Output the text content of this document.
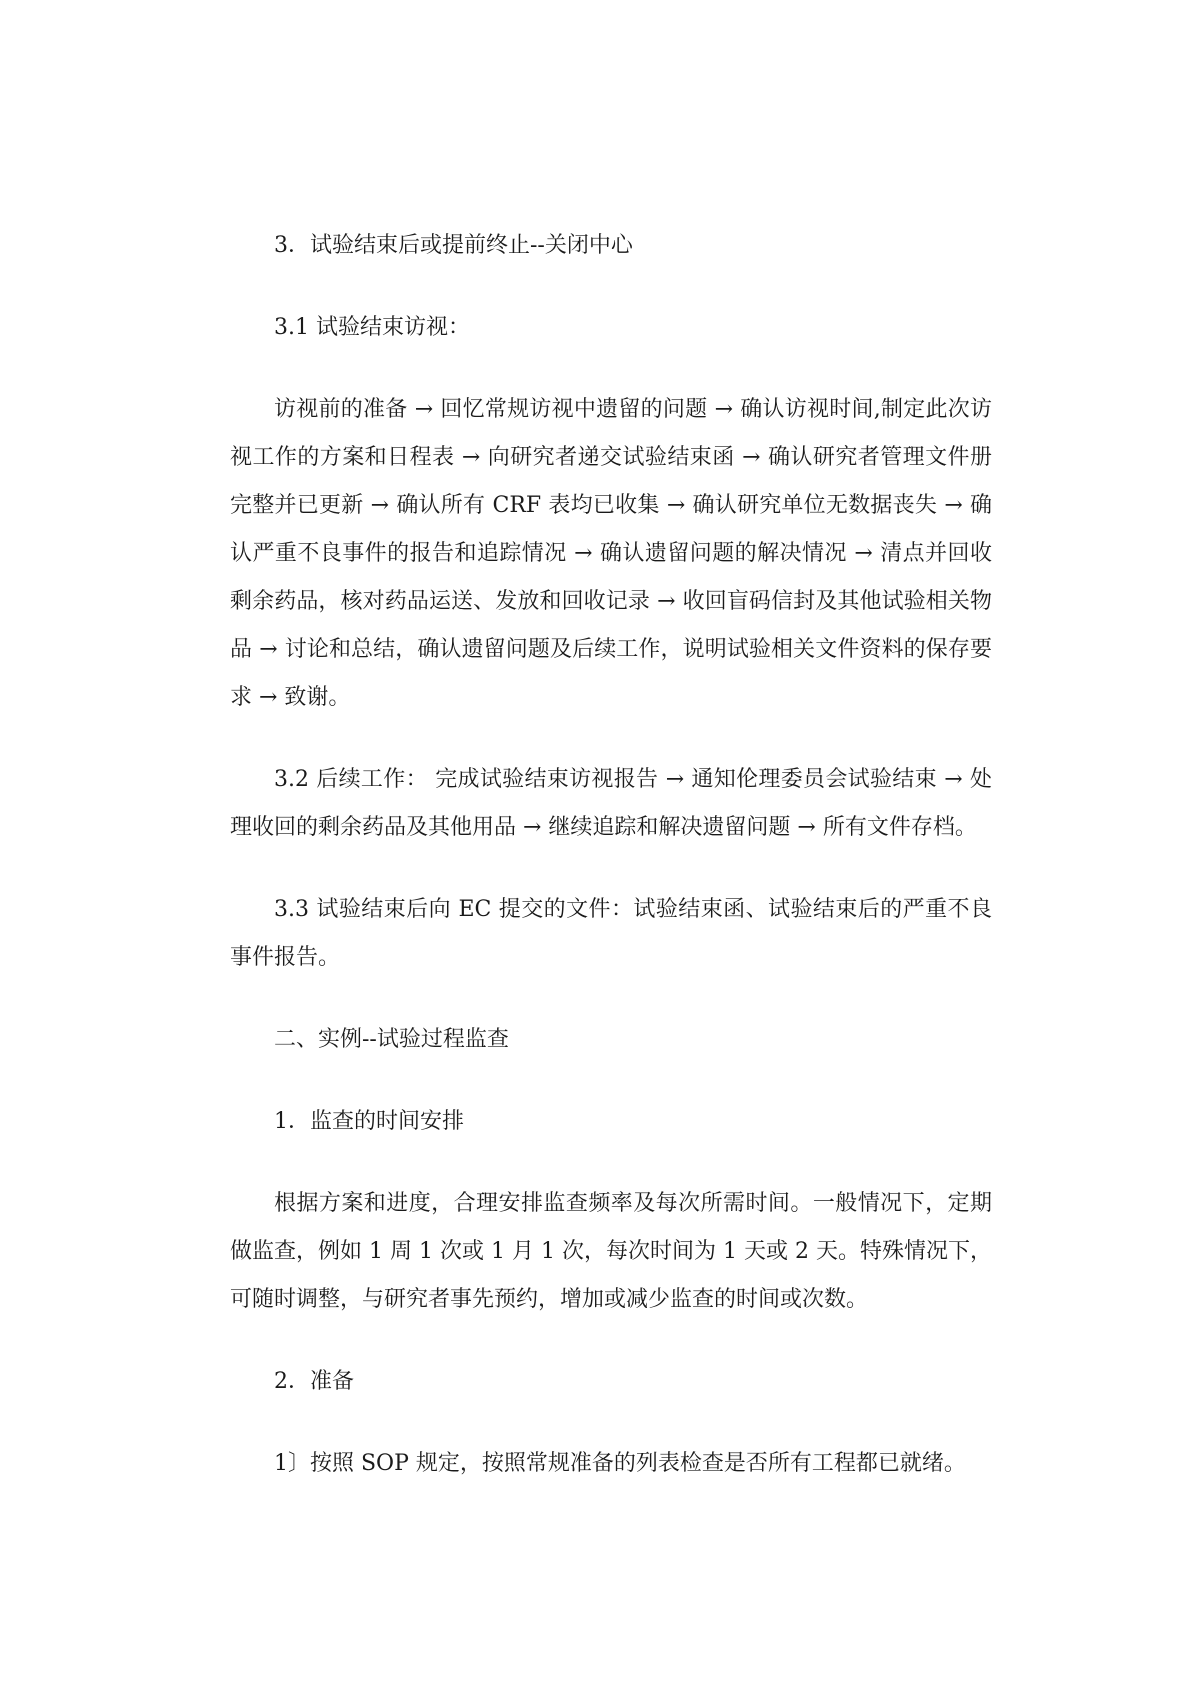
3．试验结束后或提前终止--关闭中心

3.1 试验结束访视：

访视前的准备 → 回忆常规访视中遗留的问题 → 确认访视时间,制定此次访视工作的方案和日程表 → 向研究者递交试验结束函 → 确认研究者管理文件册完整并已更新 → 确认所有 CRF 表均已收集 → 确认研究单位无数据丧失 → 确认严重不良事件的报告和追踪情况 → 确认遗留问题的解决情况 → 清点并回收剩余药品，核对药品运送、发放和回收记录 → 收回盲码信封及其他试验相关物品 → 讨论和总结，确认遗留问题及后续工作，说明试验相关文件资料的保存要求 → 致谢。

3.2 后续工作： 完成试验结束访视报告 → 通知伦理委员会试验结束 → 处理收回的剩余药品及其他用品 → 继续追踪和解决遗留问题 → 所有文件存档。

3.3 试验结束后向 EC 提交的文件：试验结束函、试验结束后的严重不良事件报告。

二、实例--试验过程监查

1．监查的时间安排

根据方案和进度，合理安排监查频率及每次所需时间。一般情况下，定期做监查，例如 1 周 1 次或 1 月 1 次，每次时间为 1 天或 2 天。特殊情况下，可随时调整，与研究者事先预约，增加或减少监查的时间或次数。

2．准备

1〕按照 SOP 规定，按照常规准备的列表检查是否所有工程都已就绪。
